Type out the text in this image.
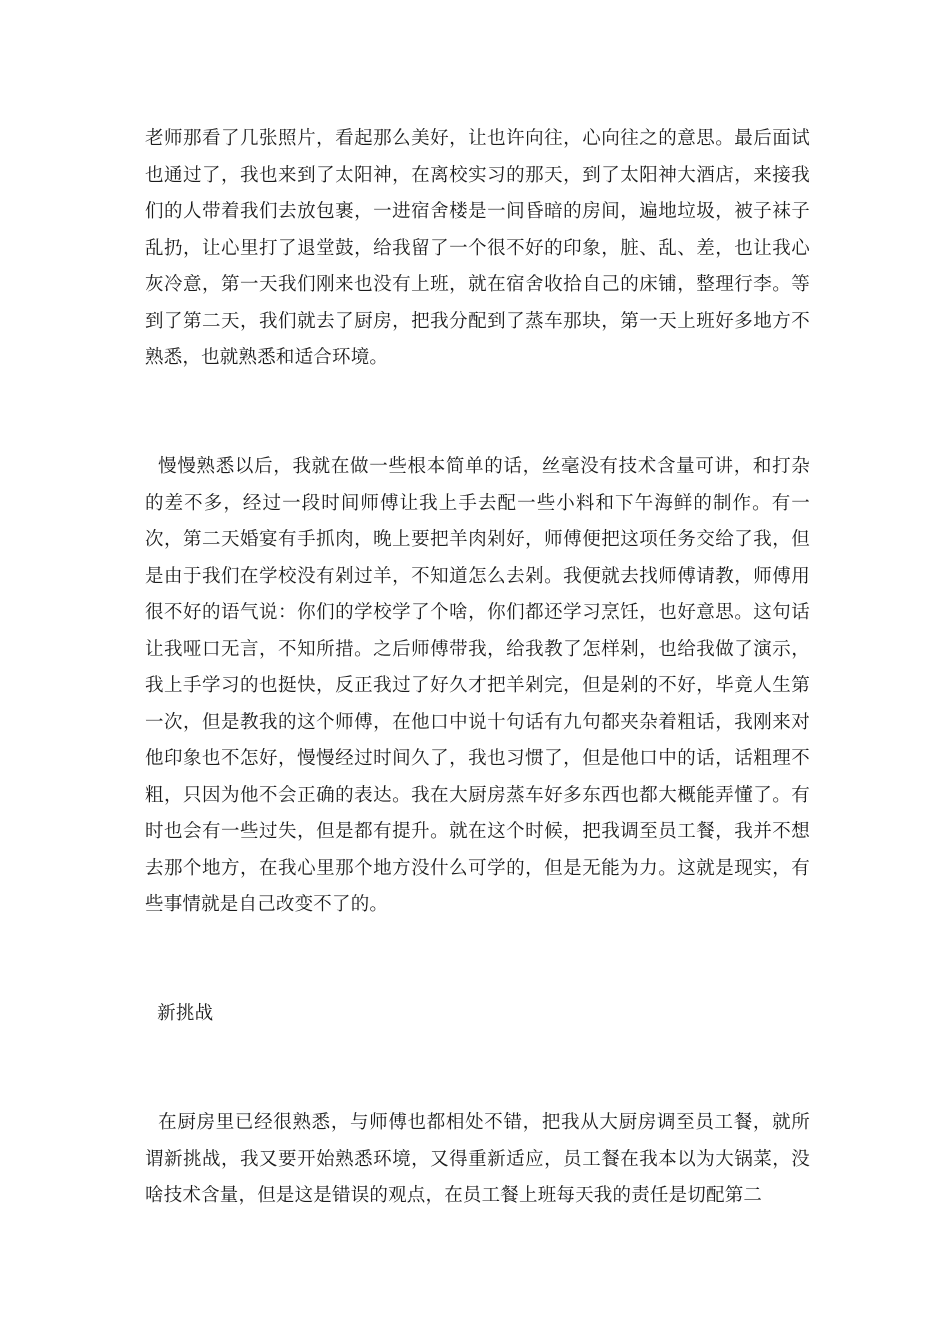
老师那看了几张照片，看起那么美好，让也许向往，心向往之的意思。最后面试也通过了，我也来到了太阳神，在离校实习的那天，到了太阳神大酒店，来接我们的人带着我们去放包裹，一进宿舍楼是一间昏暗的房间，遍地垃圾，被子袜子乱扔，让心里打了退堂鼓，给我留了一个很不好的印象，脏、乱、差，也让我心灰冷意，第一天我们刚来也没有上班，就在宿舍收拾自己的床铺，整理行李。等到了第二天，我们就去了厨房，把我分配到了蒸车那块，第一天上班好多地方不熟悉，也就熟悉和适合环境。

慢慢熟悉以后，我就在做一些根本简单的话，丝毫没有技术含量可讲，和打杂的差不多，经过一段时间师傅让我上手去配一些小料和下午海鲜的制作。有一次，第二天婚宴有手抓肉，晚上要把羊肉剁好，师傅便把这项任务交给了我，但是由于我们在学校没有剁过羊，不知道怎么去剁。我便就去找师傅请教，师傅用很不好的语气说：你们的学校学了个啥，你们都还学习烹饪，也好意思。这句话让我哑口无言，不知所措。之后师傅带我，给我教了怎样剁，也给我做了演示，我上手学习的也挺快，反正我过了好久才把羊剁完，但是剁的不好，毕竟人生第一次，但是教我的这个师傅，在他口中说十句话有九句都夹杂着粗话，我刚来对他印象也不怎好，慢慢经过时间久了，我也习惯了，但是他口中的话，话粗理不粗，只因为他不会正确的表达。我在大厨房蒸车好多东西也都大概能弄懂了。有时也会有一些过失，但是都有提升。就在这个时候，把我调至员工餐，我并不想去那个地方，在我心里那个地方没什么可学的，但是无能为力。这就是现实，有些事情就是自己改变不了的。

新挑战

在厨房里已经很熟悉，与师傅也都相处不错，把我从大厨房调至员工餐，就所谓新挑战，我又要开始熟悉环境，又得重新适应，员工餐在我本以为大锅菜，没啥技术含量，但是这是错误的观点，在员工餐上班每天我的责任是切配第二
